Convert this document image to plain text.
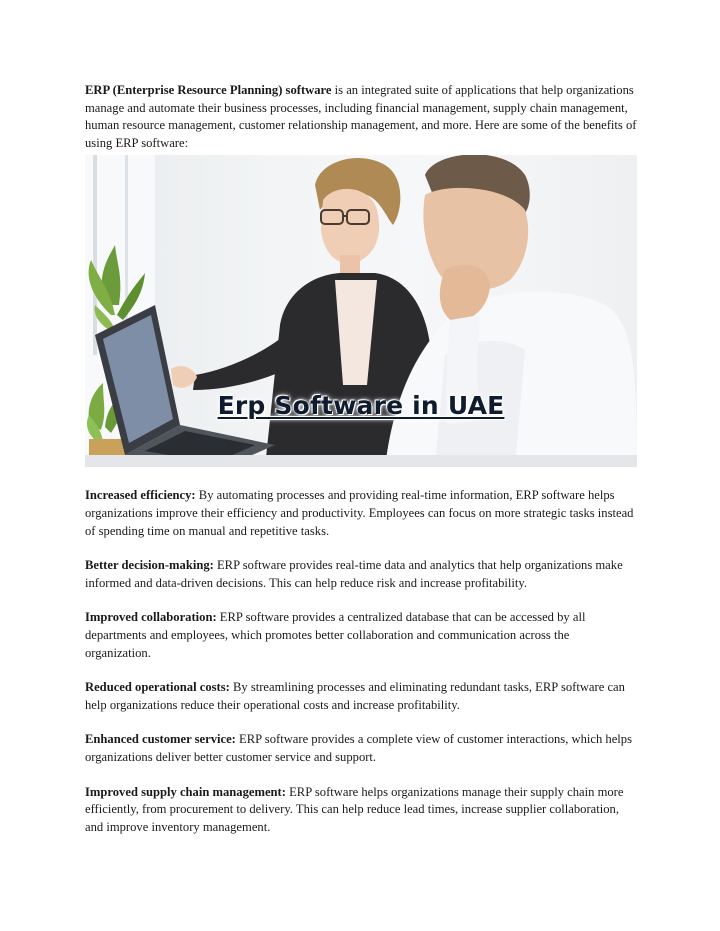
ERP (Enterprise Resource Planning) software is an integrated suite of applications that help organizations manage and automate their business processes, including financial management, supply chain management, human resource management, customer relationship management, and more. Here are some of the benefits of using ERP software:

Erp Software in UAE

Increased efficiency: By automating processes and providing real-time information, ERP software helps organizations improve their efficiency and productivity. Employees can focus on more strategic tasks instead of spending time on manual and repetitive tasks.

Better decision-making: ERP software provides real-time data and analytics that help organizations make informed and data-driven decisions. This can help reduce risk and increase profitability.

Improved collaboration: ERP software provides a centralized database that can be accessed by all departments and employees, which promotes better collaboration and communication across the organization.

Reduced operational costs: By streamlining processes and eliminating redundant tasks, ERP software can help organizations reduce their operational costs and increase profitability.

Enhanced customer service: ERP software provides a complete view of customer interactions, which helps organizations deliver better customer service and support.

Improved supply chain management: ERP software helps organizations manage their supply chain more efficiently, from procurement to delivery. This can help reduce lead times, increase supplier collaboration, and improve inventory management.
